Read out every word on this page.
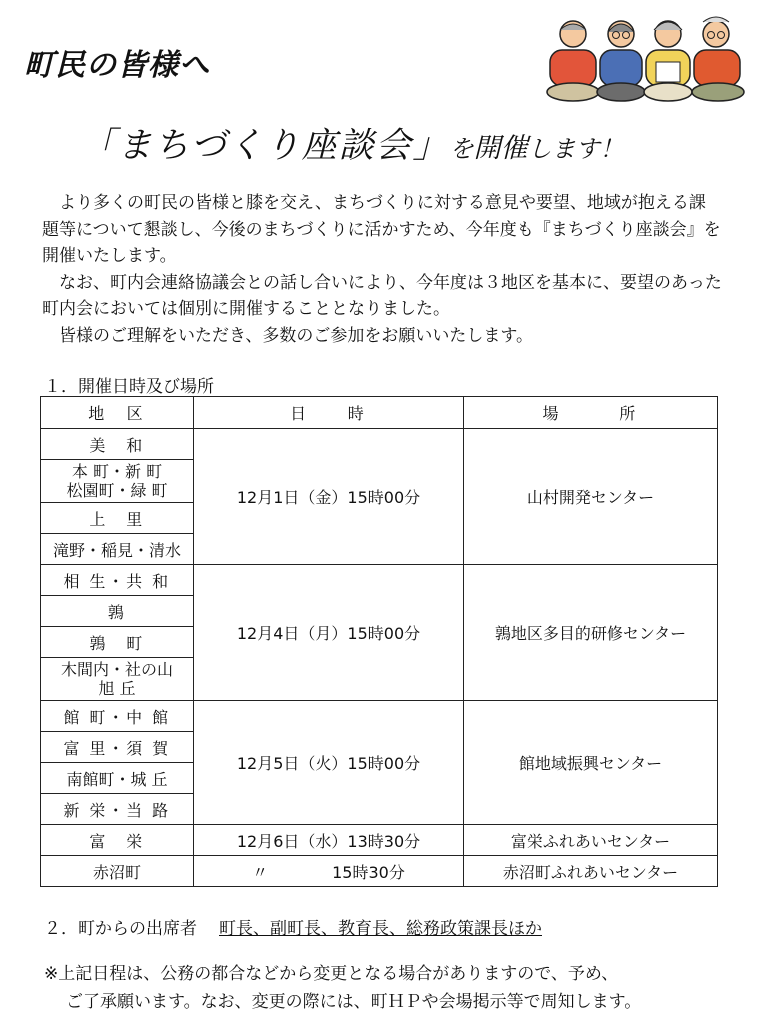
町民の皆様へ
「まちづくり座談会」を開催します！

より多くの町民の皆様と膝を交え、まちづくりに対する意見や要望、地域が抱える課題等について懇談し、今後のまちづくりに活かすため、今年度も『まちづくり座談会』を開催いたします。

なお、町内会連絡協議会との話し合いにより、今年度は３地区を基本に、要望のあった町内会においては個別に開催することとなりました。

皆様のご理解をいただき、多数のご参加をお願いいたします。

１．開催日時及び場所
地　区	日　　時	場　　　所
美　和	12月1日（金）15時00分	山村開発センター
本 町・新 町
松園町・緑 町		
上　里		
滝野・稲見・清水		
相 生・共 和	12月4日（月）15時00分	鶉地区多目的研修センター
鶉		
鶉　町		
木間内・社の山
旭 丘		
館 町・中 館	12月5日（火）15時00分	館地域振興センター
富 里・須 賀		
南館町・城 丘		
新 栄・当 路		
富　栄	12月6日（水）13時30分	富栄ふれあいセンター
赤沼町	〃　　　　15時30分	赤沼町ふれあいセンター
２．町からの出席者 町長、副町長、教育長、総務政策課長ほか

※上記日程は、公務の都合などから変更となる場合がありますので、予め、

ご了承願います。なお、変更の際には、町ＨＰや会場掲示等で周知します。
